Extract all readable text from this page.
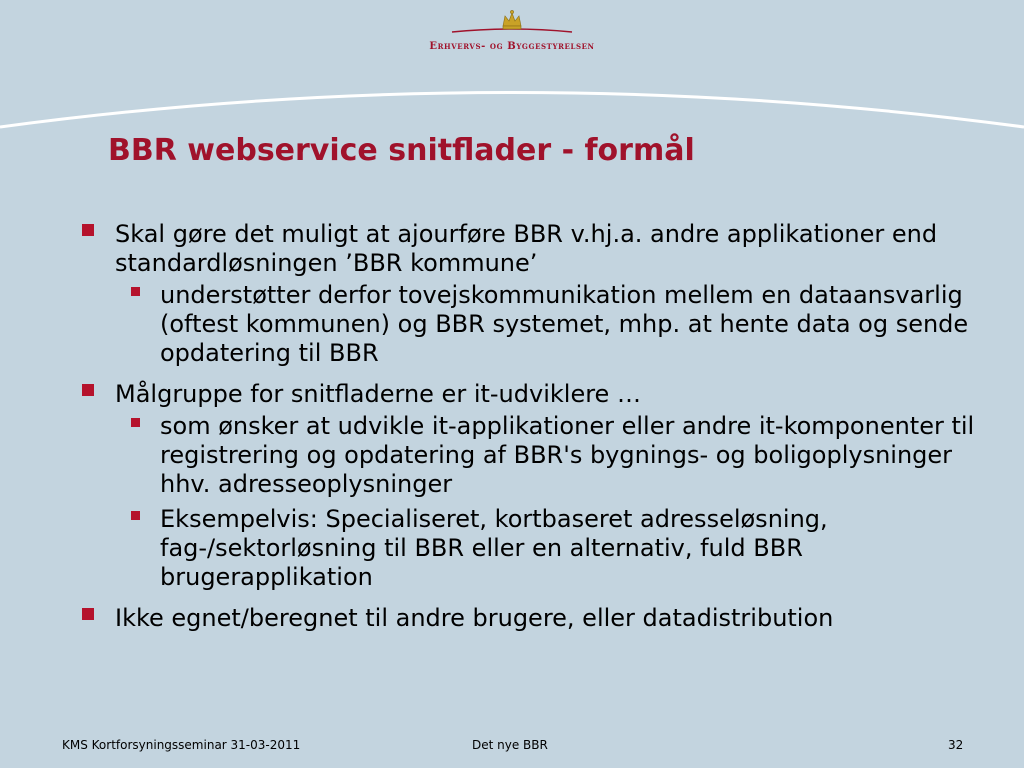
Erhvervs- og Byggestyrelsen
BBR webservice snitflader - formål
Skal gøre det muligt at ajourføre BBR v.hj.a. andre applikationer end standardløsningen ’BBR kommune’
understøtter derfor tovejskommunikation mellem en dataansvarlig (oftest kommunen) og BBR systemet, mhp. at hente data og sende opdatering til BBR
Målgruppe for snitfladerne er it-udviklere …
som ønsker at udvikle it-applikationer eller andre it-komponenter til registrering og opdatering af BBR's bygnings- og boligoplysninger hhv. adresseoplysninger
Eksempelvis: Specialiseret, kortbaseret adresseløsning, fag-/sektorløsning til BBR eller en alternativ, fuld BBR brugerapplikation
Ikke egnet/beregnet til andre brugere, eller datadistribution
KMS Kortforsyningsseminar 31-03-2011	Det nye BBR	32
